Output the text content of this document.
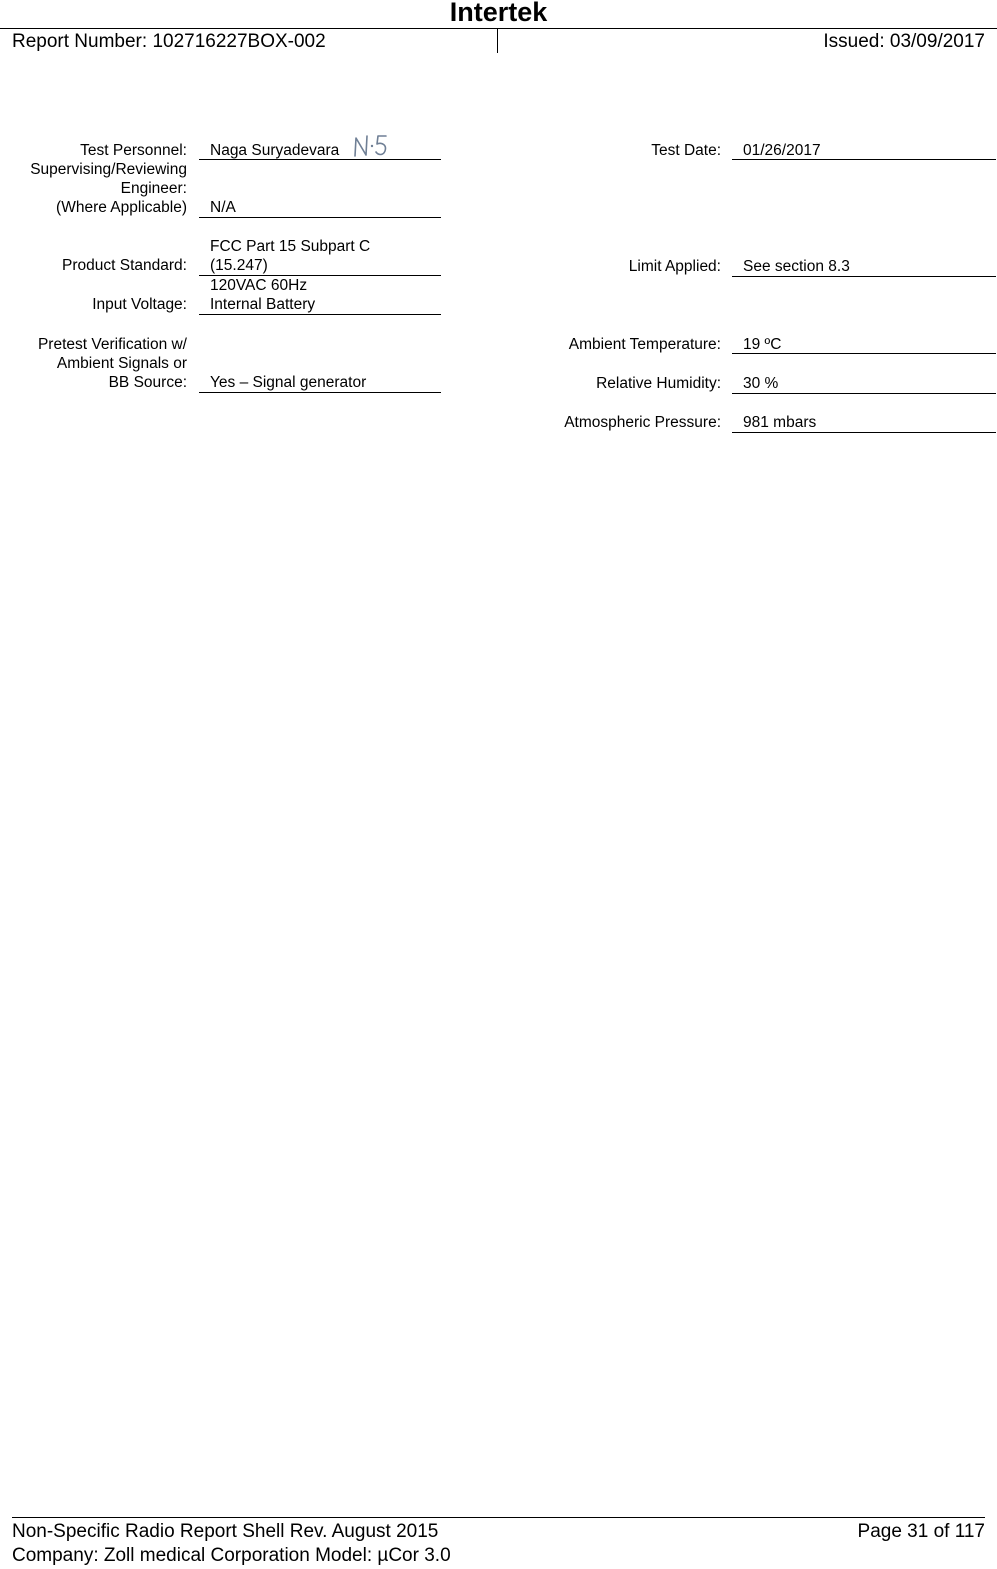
Intertek
Report Number: 102716227BOX-002	Issued: 03/09/2017
Test Personnel: Naga Suryadevara
Supervising/Reviewing
Engineer:
(Where Applicable) N/A
FCC Part 15 Subpart C
(15.247)
Product Standard:
120VAC 60Hz
Internal Battery
Input Voltage:
Pretest Verification w/
Ambient Signals or
BB Source: Yes – Signal generator
Test Date: 01/26/2017
Limit Applied: See section 8.3
Ambient Temperature: 19 ºC
Relative Humidity: 30 %
Atmospheric Pressure: 981 mbars
Non-Specific Radio Report Shell Rev. August 2015	Page 31 of 117
Company: Zoll medical Corporation Model: µCor 3.0
